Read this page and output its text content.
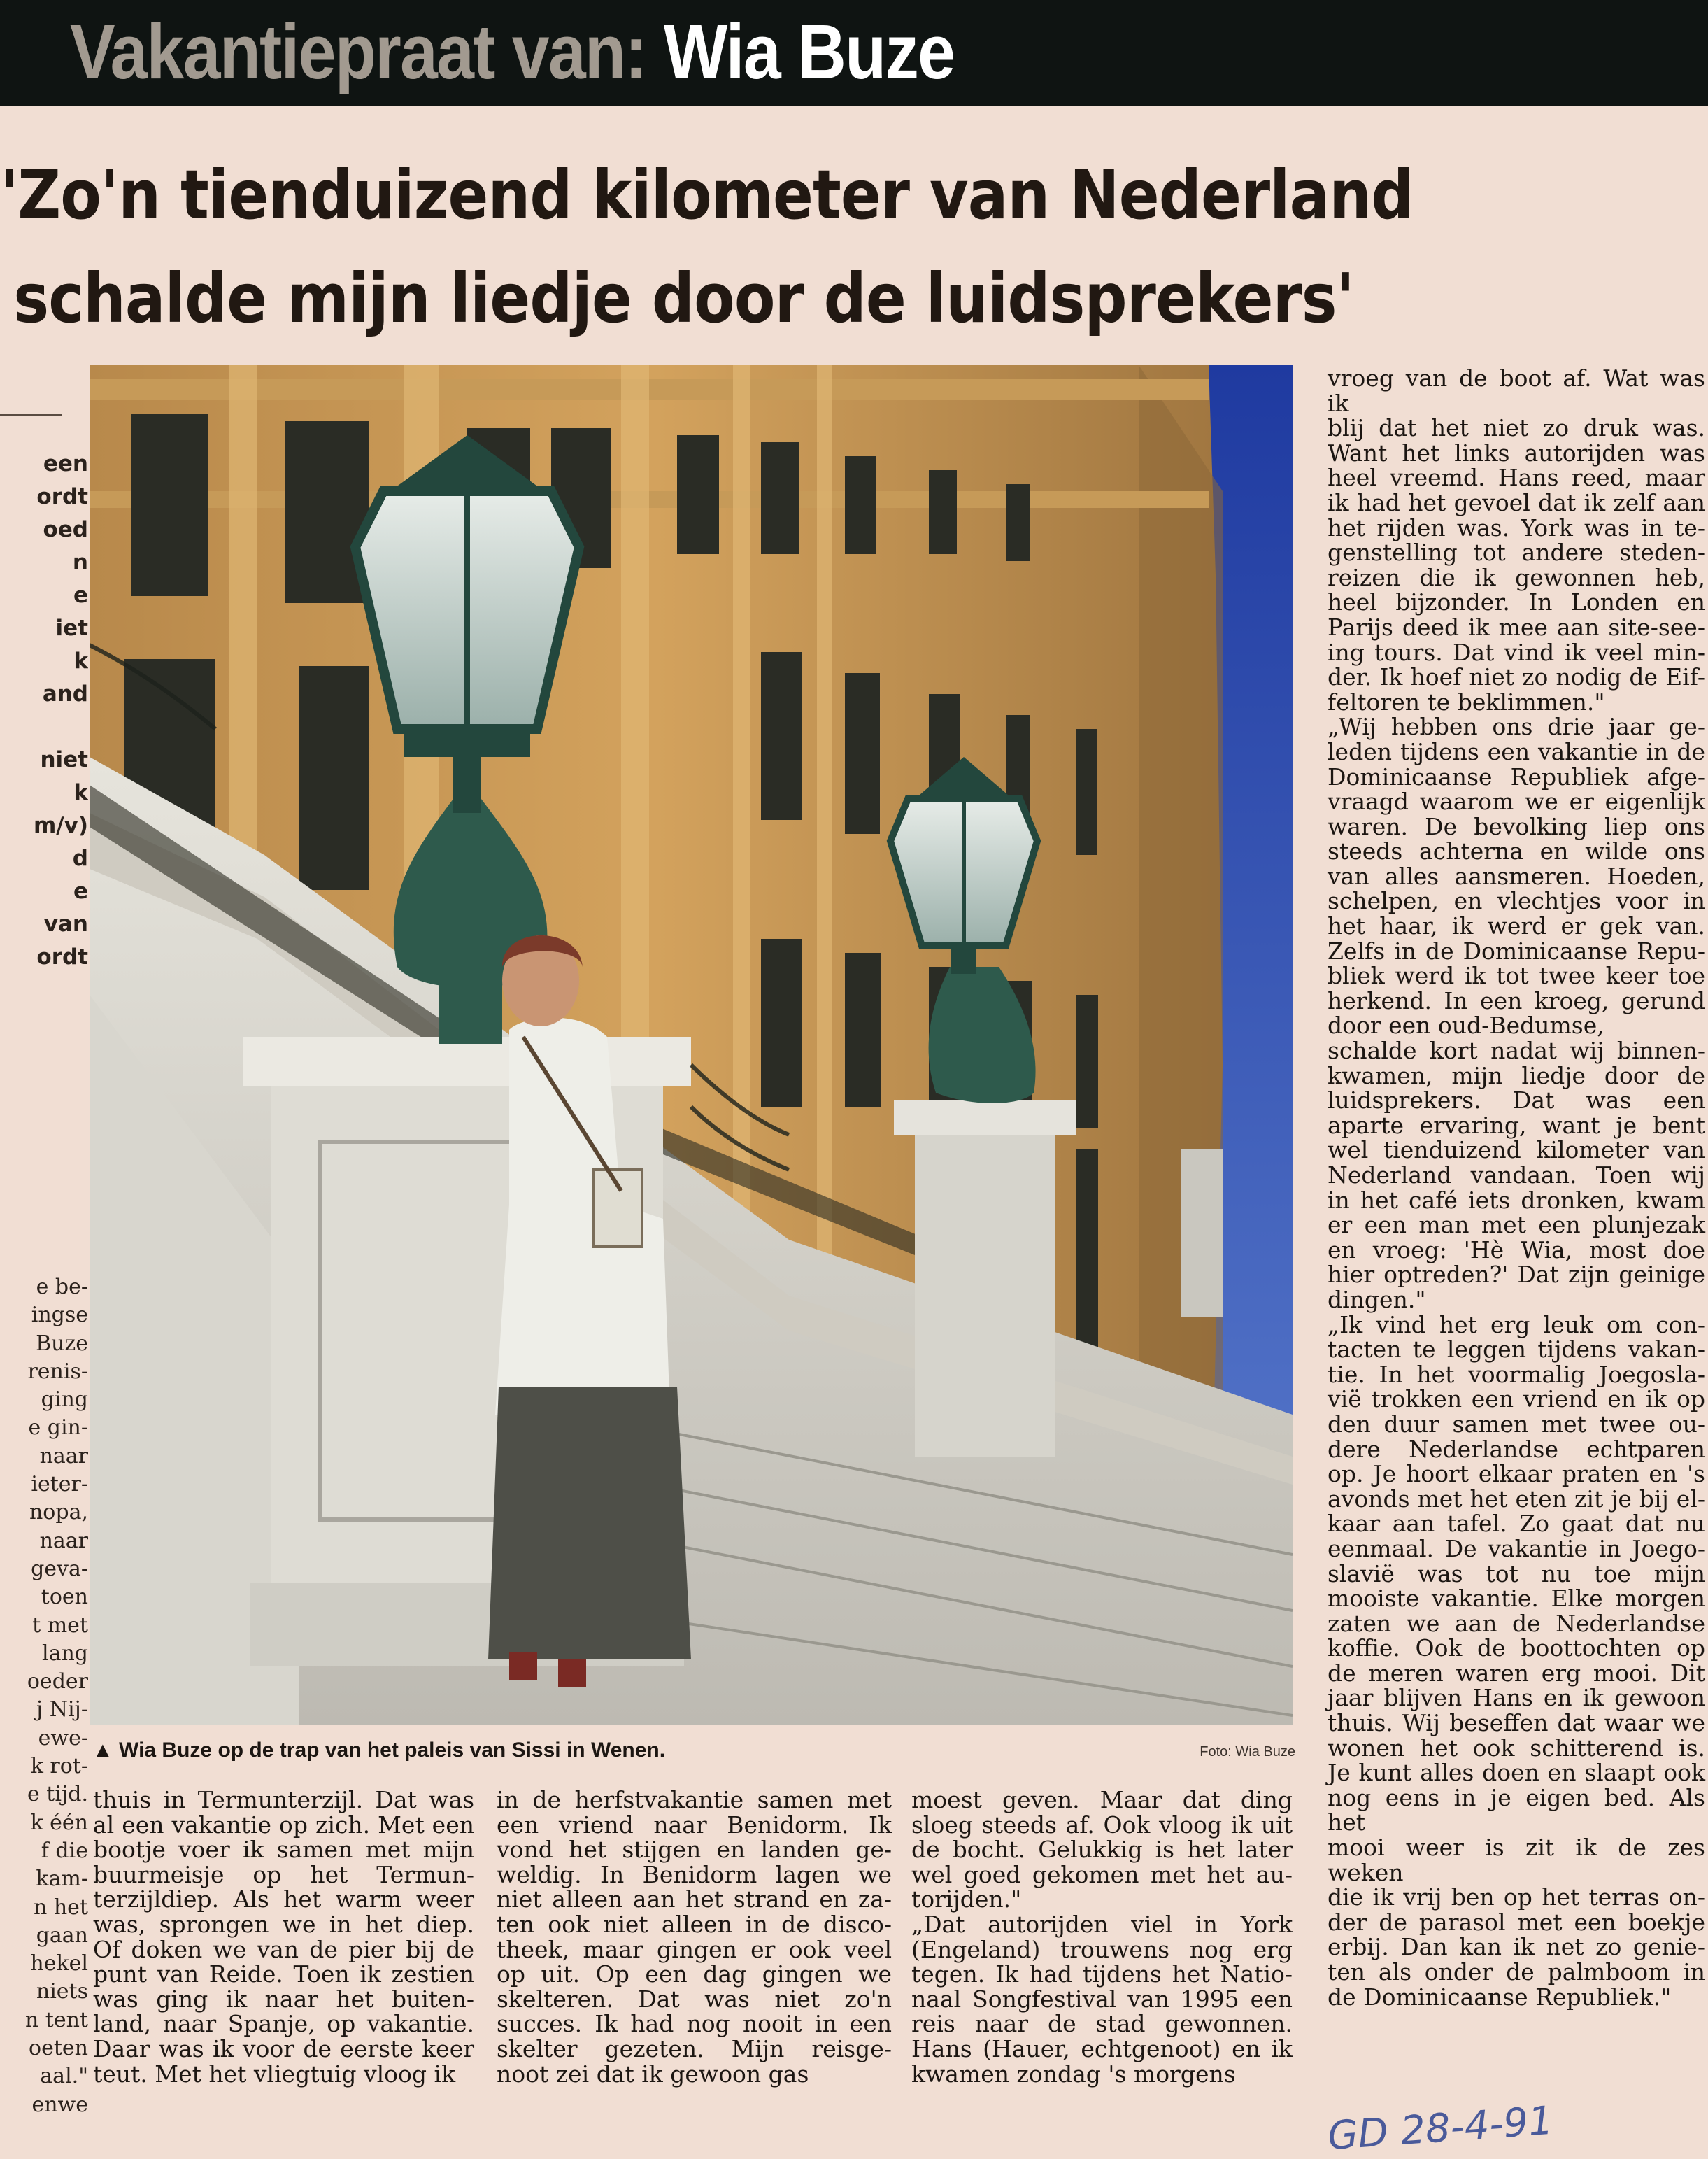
Vakantiepraat van: Wia Buze
'Zo'n tienduizend kilometer van Nederland
schalde mijn liedje door de luidsprekers'
een
ordt
oed
n
e
iet
k
and

niet
k
m/v)
d
e
van
ordt
e be-
ingse
Buze
renis-
ging
e gin-
naar
ieter-
nopa,
naar
geva-
toen
t met
lang
oeder
j Nij-
ewe-
k rot-
e tijd.
k één
f die
kam-
n het
gaan
hekel
niets
n tent
oeten
aal."
enwe
▲ Wia Buze op de trap van het paleis van Sissi in Wenen.	Foto: Wia Buze
vroeg van de boot af. Wat was ik
blij dat het niet zo druk was.
Want het links autorijden was
heel vreemd. Hans reed, maar
ik had het gevoel dat ik zelf aan
het rijden was. York was in te-
genstelling tot andere steden-
reizen die ik gewonnen heb,
heel bijzonder. In Londen en
Parijs deed ik mee aan site-see-
ing tours. Dat vind ik veel min-
der. Ik hoef niet zo nodig de Eif-
feltoren te beklimmen."
„Wij hebben ons drie jaar ge-
leden tijdens een vakantie in de
Dominicaanse Republiek afge-
vraagd waarom we er eigenlijk
waren. De bevolking liep ons
steeds achterna en wilde ons
van alles aansmeren. Hoeden,
schelpen, en vlechtjes voor in
het haar, ik werd er gek van.
Zelfs in de Dominicaanse Repu-
bliek werd ik tot twee keer toe
herkend. In een kroeg, gerund
door een oud-Bedumse,
schalde kort nadat wij binnen-
kwamen, mijn liedje door de
luidsprekers. Dat was een
aparte ervaring, want je bent
wel tienduizend kilometer van
Nederland vandaan. Toen wij
in het café iets dronken, kwam
er een man met een plunjezak
en vroeg: 'Hè Wia, most doe
hier optreden?' Dat zijn geinige
dingen."
„Ik vind het erg leuk om con-
tacten te leggen tijdens vakan-
tie. In het voormalig Joegosla-
vië trokken een vriend en ik op
den duur samen met twee ou-
dere Nederlandse echtparen
op. Je hoort elkaar praten en 's
avonds met het eten zit je bij el-
kaar aan tafel. Zo gaat dat nu
eenmaal. De vakantie in Joego-
slavië was tot nu toe mijn
mooiste vakantie. Elke morgen
zaten we aan de Nederlandse
koffie. Ook de boottochten op
de meren waren erg mooi. Dit
jaar blijven Hans en ik gewoon
thuis. Wij beseffen dat waar we
wonen het ook schitterend is.
Je kunt alles doen en slaapt ook
nog eens in je eigen bed. Als het
mooi weer is zit ik de zes weken
die ik vrij ben op het terras on-
der de parasol met een boekje
erbij. Dan kan ik net zo genie-
ten als onder de palmboom in
de Dominicaanse Republiek."
thuis in Termunterzijl. Dat was
al een vakantie op zich. Met een
bootje voer ik samen met mijn
buurmeisje op het Termun-
terzijldiep. Als het warm weer
was, sprongen we in het diep.
Of doken we van de pier bij de
punt van Reide. Toen ik zestien
was ging ik naar het buiten-
land, naar Spanje, op vakantie.
Daar was ik voor de eerste keer
teut. Met het vliegtuig vloog ik
in de herfstvakantie samen met
een vriend naar Benidorm. Ik
vond het stijgen en landen ge-
weldig. In Benidorm lagen we
niet alleen aan het strand en za-
ten ook niet alleen in de disco-
theek, maar gingen er ook veel
op uit. Op een dag gingen we
skelteren. Dat was niet zo'n
succes. Ik had nog nooit in een
skelter gezeten. Mijn reisge-
noot zei dat ik gewoon gas
moest geven. Maar dat ding
sloeg steeds af. Ook vloog ik uit
de bocht. Gelukkig is het later
wel goed gekomen met het au-
torijden."
„Dat autorijden viel in York
(Engeland) trouwens nog erg
tegen. Ik had tijdens het Natio-
naal Songfestival van 1995 een
reis naar de stad gewonnen.
Hans (Hauer, echtgenoot) en ik
kwamen zondag 's morgens
GD 28-4-91
